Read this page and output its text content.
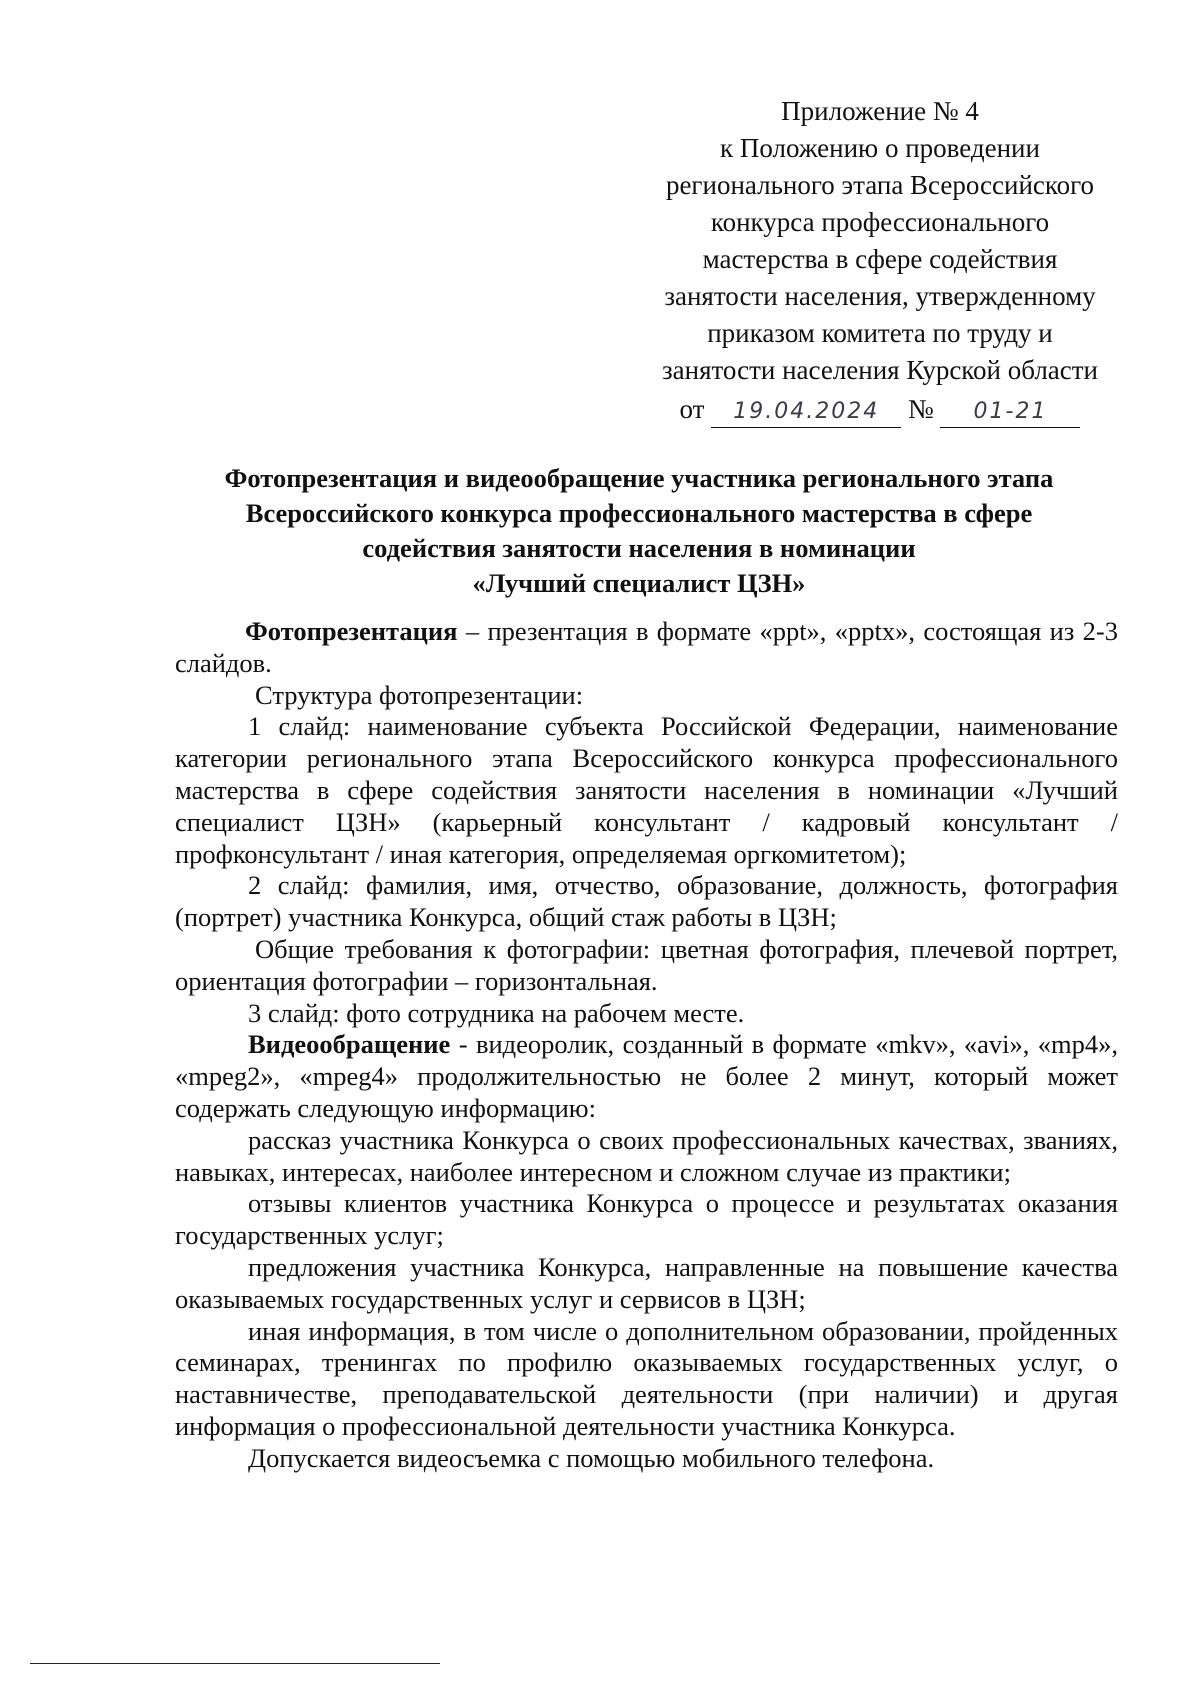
Приложение № 4
к Положению о проведении
регионального этапа Всероссийского
конкурса профессионального
мастерства в сфере содействия
занятости населения, утвержденному
приказом комитета по труду и
занятости населения Курской области
от 19.04.2024 № 01-21
Фотопрезентация и видеообращение участника регионального этапа
Всероссийского конкурса профессионального мастерства в сфере
содействия занятости населения в номинации
«Лучший специалист ЦЗН»

Фотопрезентация – презентация в формате «ppt», «pptx», состоящая из 2-3 слайдов.

Структура фотопрезентации:

1 слайд: наименование субъекта Российской Федерации, наименование категории регионального этапа Всероссийского конкурса профессионального мастерства в сфере содействия занятости населения в номинации «Лучший специалист ЦЗН» (карьерный консультант / кадровый консультант / профконсультант / иная категория, определяемая оргкомитетом);

2 слайд: фамилия, имя, отчество, образование, должность, фотография (портрет) участника Конкурса, общий стаж работы в ЦЗН;

Общие требования к фотографии: цветная фотография, плечевой портрет, ориентация фотографии – горизонтальная.

3 слайд: фото сотрудника на рабочем месте.

Видеообращение - видеоролик, созданный в формате «mkv», «avi», «mp4», «mpeg2», «mpeg4» продолжительностью не более 2 минут, который может содержать следующую информацию:

рассказ участника Конкурса о своих профессиональных качествах, званиях, навыках, интересах, наиболее интересном и сложном случае из практики;

отзывы клиентов участника Конкурса о процессе и результатах оказания государственных услуг;

предложения участника Конкурса, направленные на повышение качества оказываемых государственных услуг и сервисов в ЦЗН;

иная информация, в том числе о дополнительном образовании, пройденных семинарах, тренингах по профилю оказываемых государственных услуг, о наставничестве, преподавательской деятельности (при наличии) и другая информация о профессиональной деятельности участника Конкурса.

Допускается видеосъемка с помощью мобильного телефона.
